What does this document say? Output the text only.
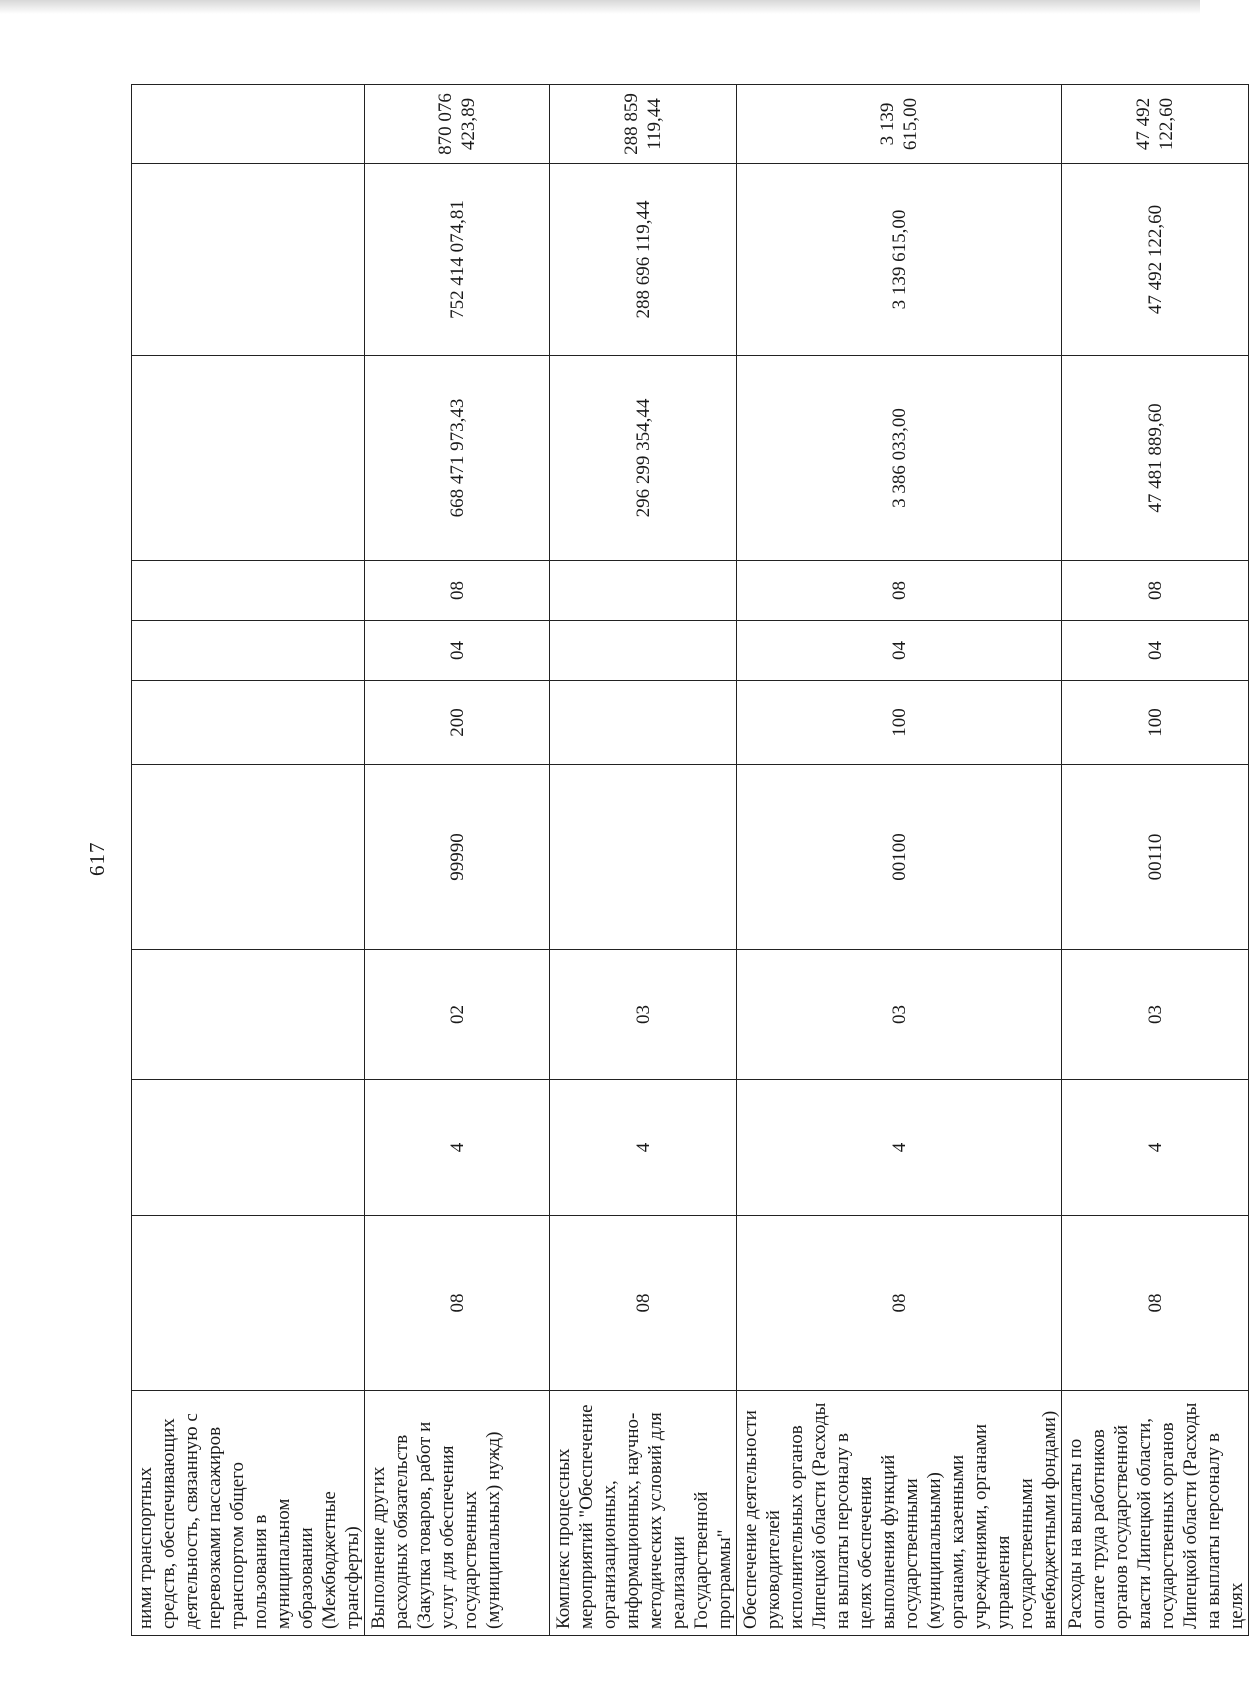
617
ними транспортных средств, обеспечивающих деятельность, связанную с перевозками пассажиров транспортом общего пользования в муниципальном образовании (Межбюджетные трансферты)										
Выполнение других расходных обязательств (Закупка товаров, работ и услуг для обеспечения государственных (муниципальных) нужд)	08	4	02	99990	200	04	08	668 471 973,43	752 414 074,81	870 076 423,89
Комплекс процессных мероприятий "Обеспечение организационных, информационных, научно-методических условий для реализации Государственной программы"	08	4	03					296 299 354,44	288 696 119,44	288 859 119,44
Обеспечение деятельности руководителей исполнительных органов Липецкой области (Расходы на выплаты персоналу в целях обеспечения выполнения функций государственными (муниципальными) органами, казенными учреждениями, органами управления государственными внебюджетными фондами)	08	4	03	00100	100	04	08	3 386 033,00	3 139 615,00	3 139 615,00
Расходы на выплаты по оплате труда работников органов государственной власти Липецкой области, государственных органов Липецкой области (Расходы на выплаты персоналу в целях	08	4	03	00110	100	04	08	47 481 889,60	47 492 122,60	47 492 122,60
